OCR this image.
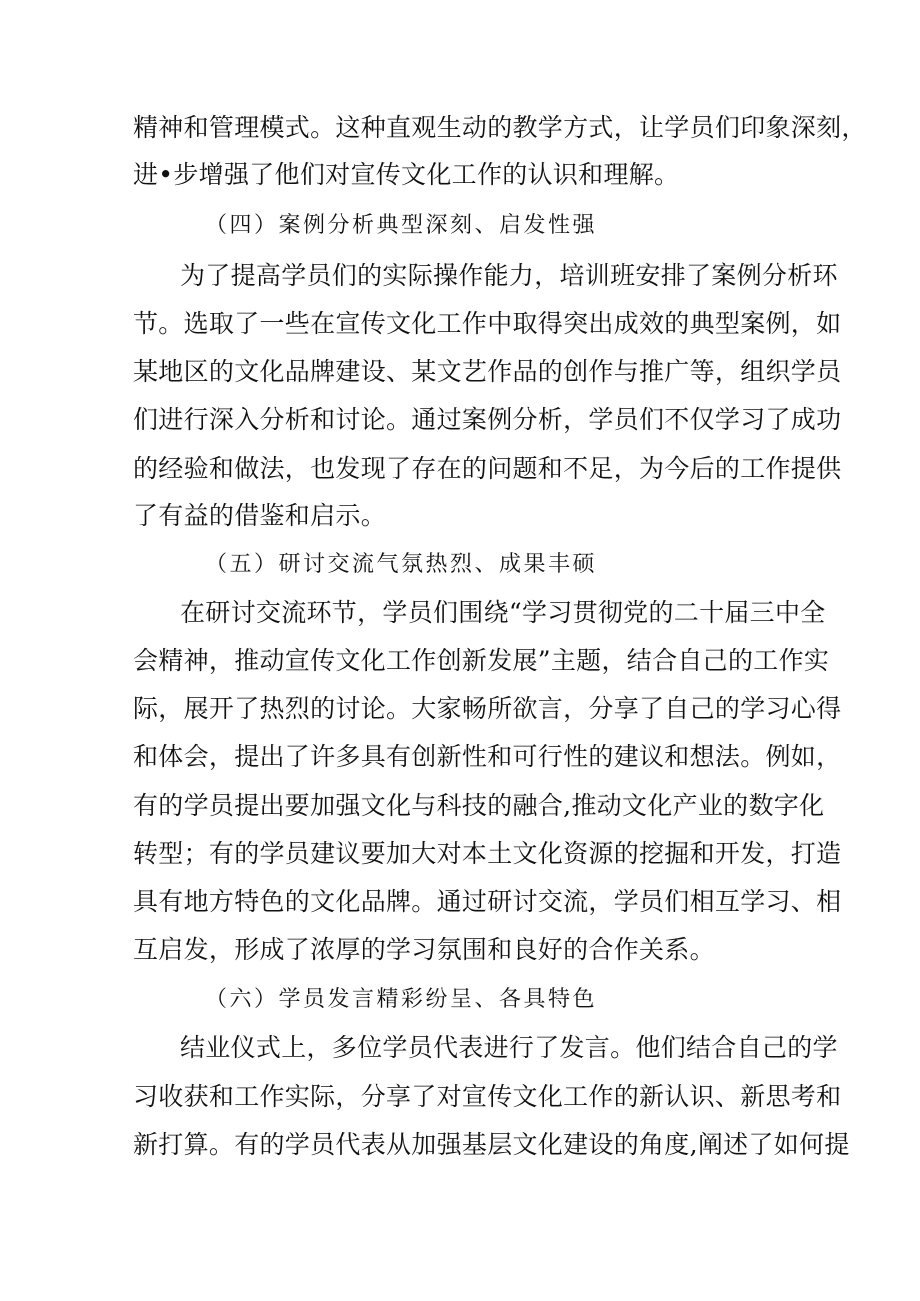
精神和管理模式。这种直观生动的教学方式，让学员们印象深刻，
进•步增强了他们对宣传文化工作的认识和理解。
（四）案例分析典型深刻、启发性强
为了提高学员们的实际操作能力，培训班安排了案例分析环
节。选取了一些在宣传文化工作中取得突出成效的典型案例，如
某地区的文化品牌建设、某文艺作品的创作与推广等，组织学员
们进行深入分析和讨论。通过案例分析，学员们不仅学习了成功
的经验和做法，也发现了存在的问题和不足，为今后的工作提供
了有益的借鉴和启示。
（五）研讨交流气氛热烈、成果丰硕
在研讨交流环节，学员们围绕“学习贯彻党的二十届三中全
会精神，推动宣传文化工作创新发展”主题，结合自己的工作实
际，展开了热烈的讨论。大家畅所欲言，分享了自己的学习心得
和体会，提出了许多具有创新性和可行性的建议和想法。例如，
有的学员提出要加强文化与科技的融合,推动文化产业的数字化
转型；有的学员建议要加大对本土文化资源的挖掘和开发，打造
具有地方特色的文化品牌。通过研讨交流，学员们相互学习、相
互启发，形成了浓厚的学习氛围和良好的合作关系。
（六）学员发言精彩纷呈、各具特色
结业仪式上，多位学员代表进行了发言。他们结合自己的学
习收获和工作实际，分享了对宣传文化工作的新认识、新思考和
新打算。有的学员代表从加强基层文化建设的角度,阐述了如何提
